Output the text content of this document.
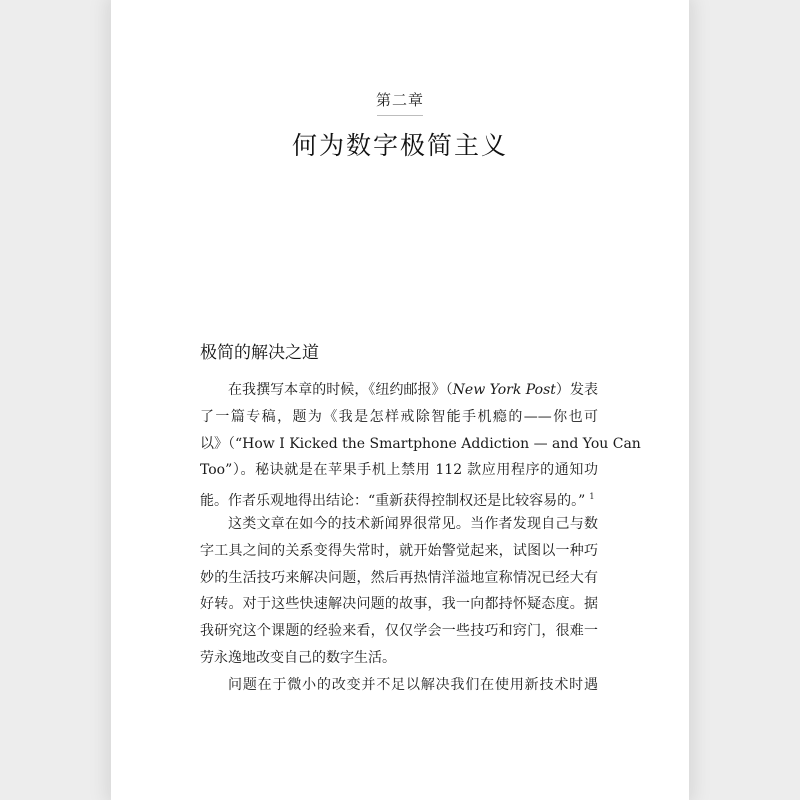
第二章
何为数字极简主义
极简的解决之道
在我撰写本章的时候，《纽约邮报》（New York Post）发表
了一篇专稿，题为《我是怎样戒除智能手机瘾的——你也可
以》（“How I Kicked the Smartphone Addiction — and You Can
Too”）。秘诀就是在苹果手机上禁用 112 款应用程序的通知功
能。作者乐观地得出结论：“重新获得控制权还是比较容易的。” $^1$
这类文章在如今的技术新闻界很常见。当作者发现自己与数
字工具之间的关系变得失常时，就开始警觉起来，试图以一种巧
妙的生活技巧来解决问题，然后再热情洋溢地宣称情况已经大有
好转。对于这些快速解决问题的故事，我一向都持怀疑态度。据
我研究这个课题的经验来看，仅仅学会一些技巧和窍门，很难一
劳永逸地改变自己的数字生活。
问题在于微小的改变并不足以解决我们在使用新技术时遇
